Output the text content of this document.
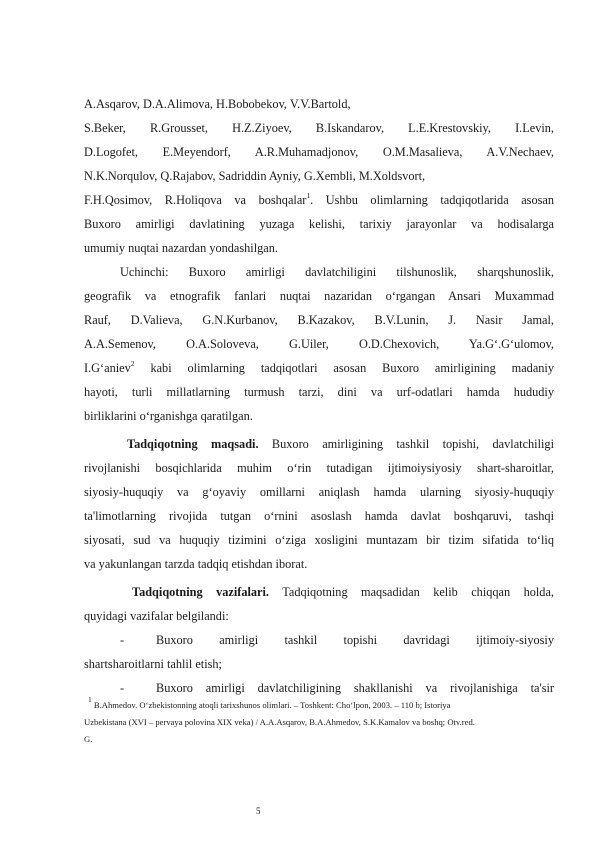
A.Asqarov, D.A.Alimova, H.Bobobekov, V.V.Bartold,
S.Beker, R.Grousset, H.Z.Ziyoev, B.Iskandarov, L.E.Krestovskiy, I.Levin,
D.Logofet, E.Meyendorf, A.R.Muhamadjonov, O.M.Masalieva, A.V.Nechaev,
N.K.Norqulov, Q.Rajabov, Sadriddin Ayniy, G.Xembli, M.Xoldsvort,
F.H.Qosimov, R.Holiqova va boshqalar$^1$. Ushbu olimlarning tadqiqotlarida asosan
Buxoro amirligi davlatining yuzaga kelishi, tarixiy jarayonlar va hodisalarga
umumiy nuqtai nazardan yondashilgan.
Uchinchi: Buxoro amirligi davlatchiligini tilshunoslik, sharqshunoslik,
geografik va etnografik fanlari nuqtai nazaridan o‘rgangan Ansari Muxammad
Rauf, D.Valieva, G.N.Kurbanov, B.Kazakov, B.V.Lunin, J. Nasir Jamal,
A.A.Semenov, O.A.Soloveva, G.Uiler, O.D.Chexovich, Ya.G‘.G‘ulomov,
I.G‘aniev$^2$ kabi olimlarning tadqiqotlari asosan Buxoro amirligining madaniy
hayoti, turli millatlarning turmush tarzi, dini va urf-odatlari hamda hududiy
birliklarini o‘rganishga qaratilgan.
Tadqiqotning maqsadi. Buxoro amirligining tashkil topishi, davlatchiligi
rivojlanishi bosqichlarida muhim o‘rin tutadigan ijtimoiysiyosiy shart-sharoitlar,
siyosiy-huquqiy va g‘oyaviy omillarni aniqlash hamda ularning siyosiy-huquqiy
ta'limotlarning rivojida tutgan o‘rnini asoslash hamda davlat boshqaruvi, tashqi
siyosati, sud va huquqiy tizimini o‘ziga xosligini muntazam bir tizim sifatida to‘liq
va yakunlangan tarzda tadqiq etishdan iborat.
Tadqiqotning vazifalari. Tadqiqotning maqsadidan kelib chiqqan holda,
quyidagi vazifalar belgilandi:
-	Buxoro amirligi tashkil topishi davridagi ijtimoiy-siyosiy
shartsharoitlarni tahlil etish;
-	Buxoro amirligi davlatchiligining shakllanishi va rivojlanishiga ta'sir
$^1$ B.Ahmedov. O‘zbekistonning atoqli tarixshunos olimlari. – Toshkent: Cho‘lpon, 2003. – 110 b; Istoriya
Uzbekistana (XVI – pervaya polovina XIX veka) / A.A.Asqarov, B.A.Ahmedov, S.K.Kamalov va boshq; Otv.red.
G.
5
